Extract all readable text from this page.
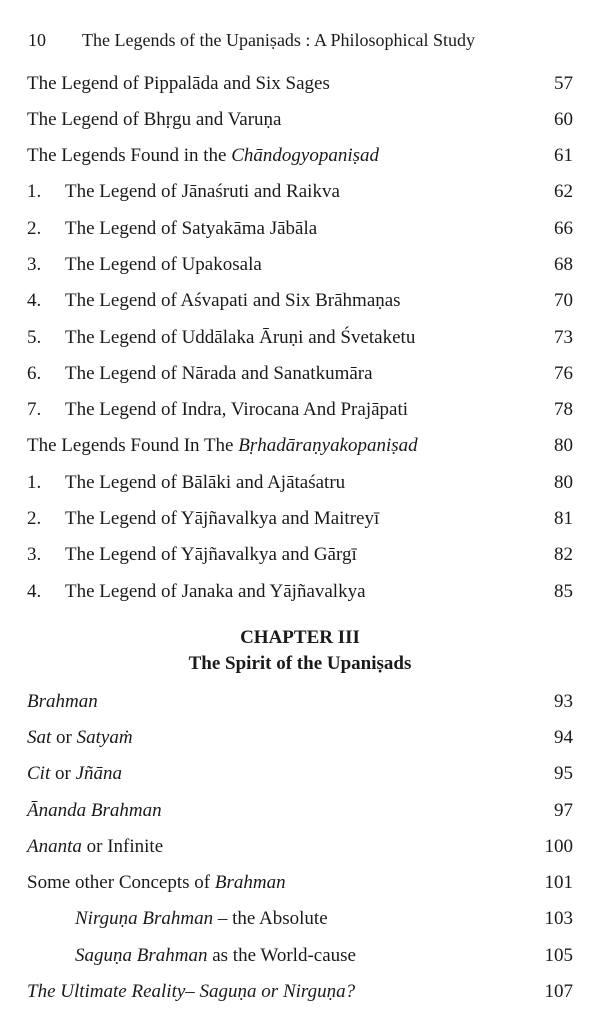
10 The Legends of the Upaniṣads : A Philosophical Study
The Legend of Pippalāda and Six Sages	57
The Legend of Bhṛgu and Varuṇa	60
The Legends Found in the Chāndogyopaniṣad	61
1. The Legend of Jānaśruti and Raikva	62
2. The Legend of Satyakāma Jābāla	66
3. The Legend of Upakosala	68
4. The Legend of Aśvapati and Six Brāhmaṇas	70
5. The Legend of Uddālaka Āruṇi and Śvetaketu	73
6. The Legend of Nārada and Sanatkumāra	76
7. The Legend of Indra, Virocana And Prajāpati	78
The Legends Found In The Bṛhadāraṇyakopaniṣad	80
1. The Legend of Bālāki and Ajātaśatru	80
2. The Legend of Yājñavalkya and Maitreyī	81
3. The Legend of Yājñavalkya and Gārgī	82
4. The Legend of Janaka and Yājñavalkya	85
CHAPTER III
The Spirit of the Upaniṣads
Brahman	93
Sat or Satyaṁ	94
Cit or Jñāna	95
Ānanda Brahman	97
Ananta or Infinite	100
Some other Concepts of Brahman	101
Nirguṇa Brahman – the Absolute	103
Saguṇa Brahman as the World-cause	105
The Ultimate Reality– Saguṇa or Nirguṇa?	107
